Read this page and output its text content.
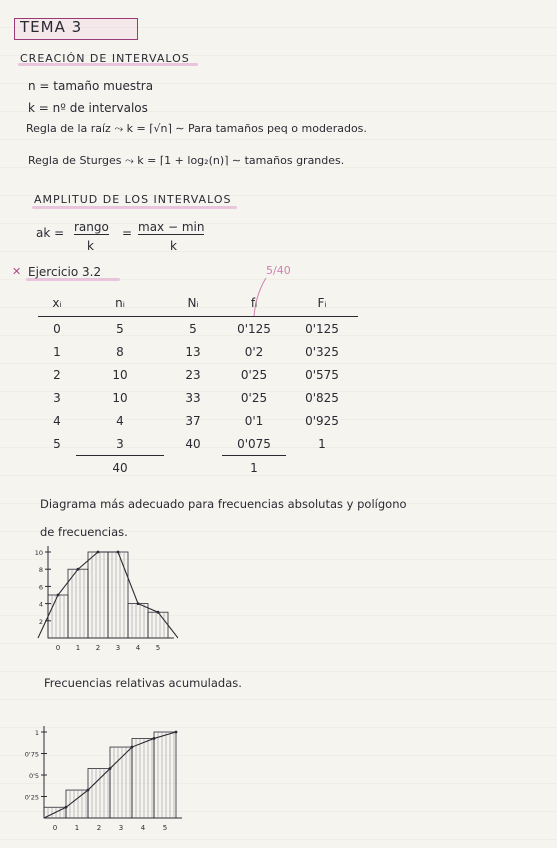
TEMA 3
CREACIÓN DE INTERVALOS
n = tamaño muestra
k = nº de intervalos
Regla de la raíz ⤳ k = ⌈√n⌉ ∼ Para tamaños peq o moderados.
Regla de Sturges ⤳ k = ⌈1 + log₂(n)⌉ ∼ tamaños grandes.
AMPLITUD DE LOS INTERVALOS
ak = rango
k
= max − min
k
✕ Ejercicio 3.2	5/40
xᵢ	nᵢ	Nᵢ	fᵢ	Fᵢ
0	5	5	0'125	0'125
1	8	13	0'2	0'325
2	10	23	0'25	0'575
3	10	33	0'25	0'825
4	4	37	0'1	0'925
5	3	40	0'075	1
	40		1	
Diagrama más adecuado para frecuencias absolutas y polígono
de frecuencias.
10
8
6
4
2
0 1 2 3 4 5
Frecuencias relativas acumuladas.
1
0'75
0'5
0'25
0	1	2	3	4	5
